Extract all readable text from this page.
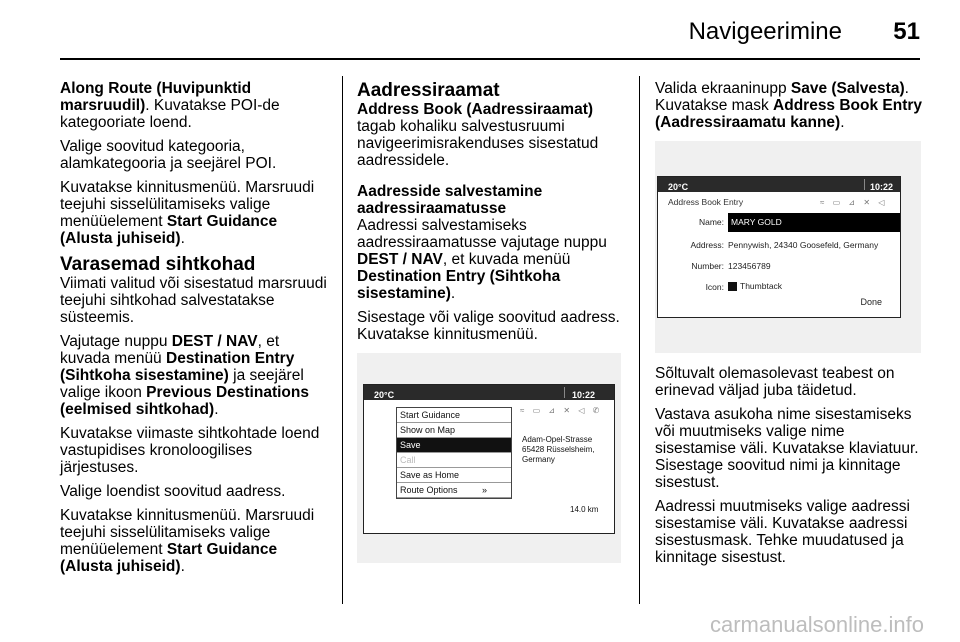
Navigeerimine 51

Along Route (Huvipunktid marsruudil). Kuvatakse POI-de kategooriate loend.

Valige soovitud kategooria, alamkategooria ja seejärel POI.

Kuvatakse kinnitusmenüü. Marsruudi teejuhi sisselülitamiseks valige menüüelement Start Guidance (Alusta juhiseid).

Varasemad sihtkohad

Viimati valitud või sisestatud marsruudi teejuhi sihtkohad salvestatakse süsteemis.

Vajutage nuppu DEST / NAV, et kuvada menüü Destination Entry (Sihtkoha sisestamine) ja seejärel valige ikoon Previous Destinations (eelmised sihtkohad).

Kuvatakse viimaste sihtkohtade loend vastupidises kronoloogilises järjestuses.

Valige loendist soovitud aadress.

Kuvatakse kinnitusmenüü. Marsruudi teejuhi sisselülitamiseks valige menüüelement Start Guidance (Alusta juhiseid).

Aadressiraamat
Address Book (Aadressiraamat)

tagab kohaliku salvestusruumi navigeerimisrakenduses sisestatud aadressidele.

Aadresside salvestamine aadressiraamatusse

Aadressi salvestamiseks aadressiraamatusse vajutage nuppu DEST / NAV, et kuvada menüü Destination Entry (Sihtkoha sisestamine).

Sisestage või valige soovitud aadress. Kuvatakse kinnitusmenüü.

20°C	10:22
≈ ▭ ⊿ ✕ ◁ ✆
Start Guidance
Show on Map
Save
Call
Save as Home
Route Options	»
Adam-Opel-Strasse
65428 Rüsselsheim, Germany
14.0 km

Valida ekraaninupp Save (Salvesta). Kuvatakse mask Address Book Entry (Aadressiraamatu kanne).

20°C	10:22
Address Book Entry	≈ ▭ ⊿ ✕ ◁
Name: MARY GOLD
Address: Pennywish, 24340 Goosefeld, Germany
Number: 123456789
Icon:	Thumbtack
Done

Sõltuvalt olemasolevast teabest on erinevad väljad juba täidetud.

Vastava asukoha nime sisestamiseks või muutmiseks valige nime sisestamise väli. Kuvatakse klaviatuur. Sisestage soovitud nimi ja kinnitage sisestust.

Aadressi muutmiseks valige aadressi sisestamise väli. Kuvatakse aadressi sisestusmask. Tehke muudatused ja kinnitage sisestust.

carmanualsonline.info
